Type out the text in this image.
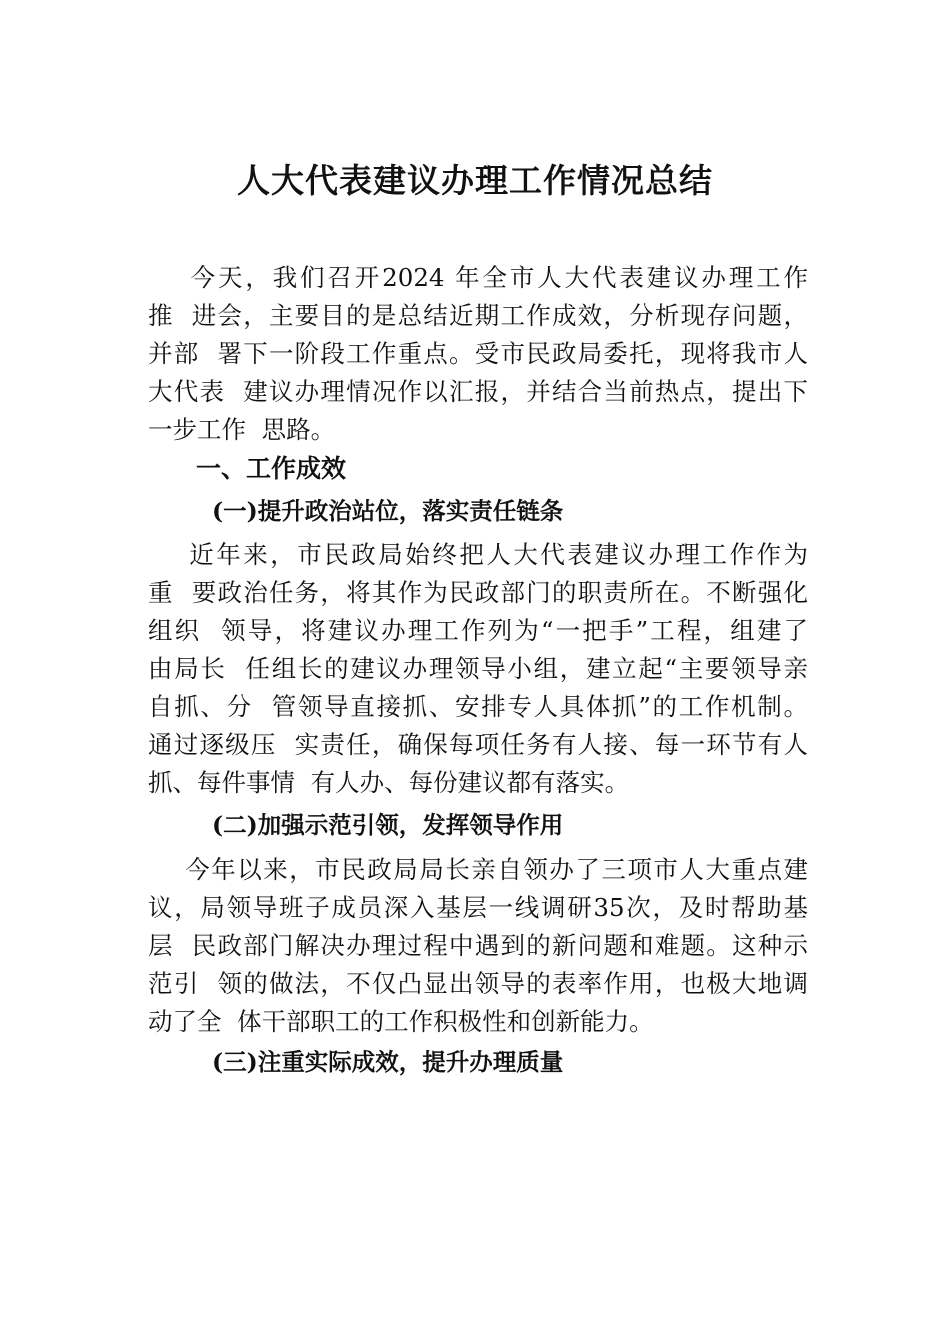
人大代表建议办理工作情况总结
今天，我们召开2024 年全市人大代表建议办理工作
推  进会，主要目的是总结近期工作成效，分析现存问题，
并部  署下一阶段工作重点。受市民政局委托，现将我市人
大代表  建议办理情况作以汇报，并结合当前热点，提出下
一步工作  思路。
一、工作成效
(一)提升政治站位，落实责任链条
近年来，市民政局始终把人大代表建议办理工作作为
重  要政治任务，将其作为民政部门的职责所在。不断强化
组织  领导，将建议办理工作列为“一把手”工程，组建了
由局长  任组长的建议办理领导小组，建立起“主要领导亲
自抓、分  管领导直接抓、安排专人具体抓”的工作机制。
通过逐级压  实责任，确保每项任务有人接、每一环节有人
抓、每件事情  有人办、每份建议都有落实。
(二)加强示范引领，发挥领导作用
今年以来，市民政局局长亲自领办了三项市人大重点建
议，局领导班子成员深入基层一线调研35次，及时帮助基
层  民政部门解决办理过程中遇到的新问题和难题。这种示
范引  领的做法，不仅凸显出领导的表率作用，也极大地调
动了全  体干部职工的工作积极性和创新能力。
(三)注重实际成效，提升办理质量
